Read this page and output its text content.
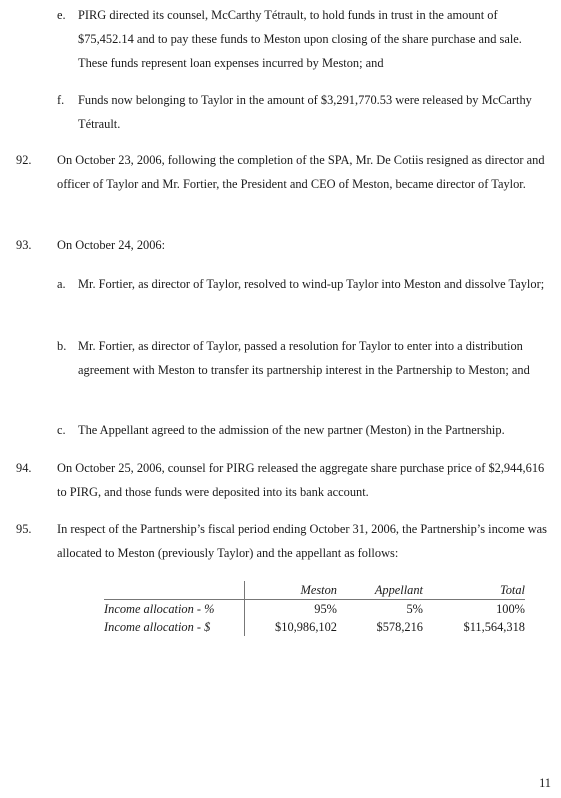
e. PIRG directed its counsel, McCarthy Tétrault, to hold funds in trust in the amount of $75,452.14 and to pay these funds to Meston upon closing of the share purchase and sale. These funds represent loan expenses incurred by Meston; and
f. Funds now belonging to Taylor in the amount of $3,291,770.53 were released by McCarthy Tétrault.
92. On October 23, 2006, following the completion of the SPA, Mr. De Cotiis resigned as director and officer of Taylor and Mr. Fortier, the President and CEO of Meston, became director of Taylor.
93. On October 24, 2006:
a. Mr. Fortier, as director of Taylor, resolved to wind-up Taylor into Meston and dissolve Taylor;
b. Mr. Fortier, as director of Taylor, passed a resolution for Taylor to enter into a distribution agreement with Meston to transfer its partnership interest in the Partnership to Meston; and
c. The Appellant agreed to the admission of the new partner (Meston) in the Partnership.
94. On October 25, 2006, counsel for PIRG released the aggregate share purchase price of $2,944,616 to PIRG, and those funds were deposited into its bank account.
95. In respect of the Partnership’s fiscal period ending October 31, 2006, the Partnership’s income was allocated to Meston (previously Taylor) and the appellant as follows:
	Meston	Appellant	Total
Income allocation - %	95%	5%	100%
Income allocation - $	$10,986,102	$578,216	$11,564,318
11
